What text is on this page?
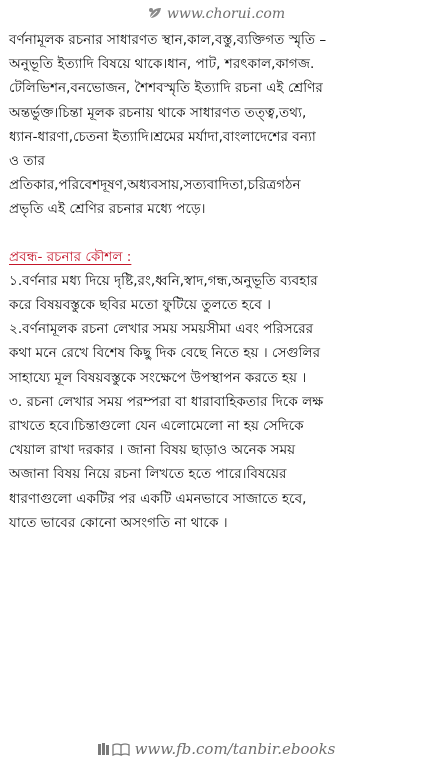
www.chorui.com
বর্ণনামূলক রচনার সাধারণত স্থান,কাল,বস্তু,ব্যক্তিগত স্মৃতি –
অনুভূতি ইত্যাদি বিষয়ে থাকে।ধান, পাট, শরৎকাল,কাগজ.
টেলিভিশন,বনভোজন, শৈশবস্মৃতি ইত্যাদি রচনা এই শ্রেণির
অন্তর্ভুক্ত।চিন্তা মূলক রচনায় থাকে সাধারণত তত্ত্ব,তথ্য,
ধ্যান-ধারণা,চেতনা ইত্যাদি।শ্রমের মর্যাদা,বাংলাদেশের বন্যা
ও তার
প্রতিকার,পরিবেশদূষণ,অধ্যবসায়,সত্যবাদিতা,চরিত্রগঠন
প্রভৃতি এই শ্রেণির রচনার মধ্যে পড়ে।

প্রবন্ধ- রচনার কৌশল :

১.বর্ণনার মধ্য দিয়ে দৃষ্টি,রং,ধ্বনি,স্বাদ,গন্ধ,অনুভূতি ব্যবহার
করে বিষয়বস্তুকে ছবির মতো ফুটিয়ে তুলতে হবে ।
২.বর্ণনামূলক রচনা লেখার সময় সময়সীমা এবং পরিসরের
কথা মনে রেখে বিশেষ কিছু দিক বেছে নিতে হয় । সেগুলির
সাহায্যে মূল বিষয়বস্তুকে সংক্ষেপে উপস্থাপন করতে হয় ।
৩. রচনা লেখার সময় পরম্পরা বা ধারাবাহিকতার দিকে লক্ষ
রাখতে হবে।চিন্তাগুলো যেন এলোমেলো না হয় সেদিকে
খেয়াল রাখা দরকার । জানা বিষয় ছাড়াও অনেক সময়
অজানা বিষয় নিয়ে রচনা লিখতে হতে পারে।বিষয়ের
ধারণাগুলো একটির পর একটি এমনভাবে সাজাতে হবে,
যাতে ভাবের কোনো অসংগতি না থাকে ।
www.fb.com/tanbir.ebooks
